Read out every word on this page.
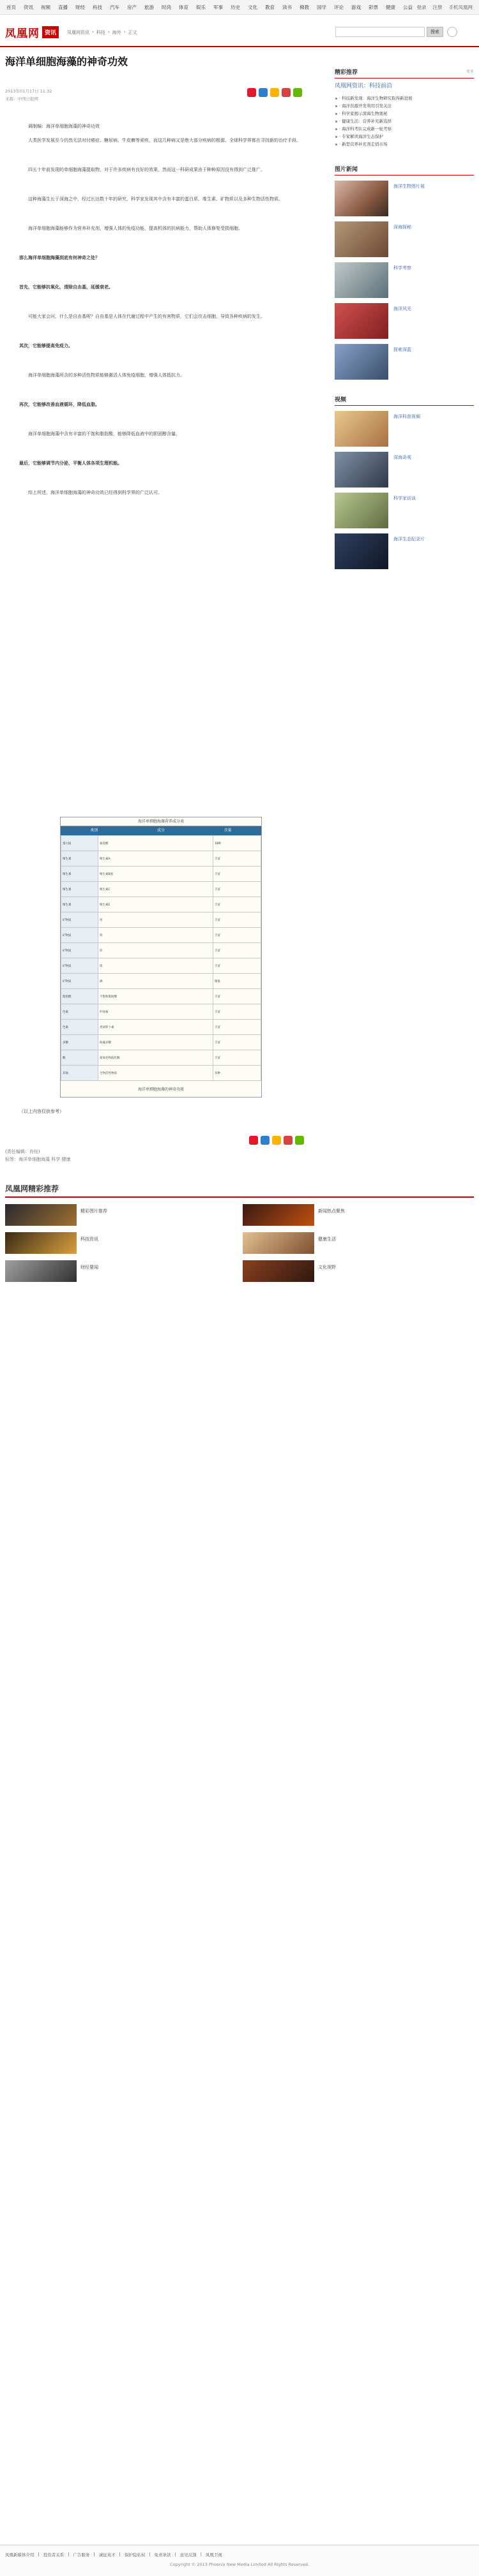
首页 资讯 视频 直播 财经 科技 汽车 房产 旅游 时尚 体育 娱乐 军事 历史 文化 教育 读书 佛教 国学 评论 游戏 彩票 健康 公益 登录 注册 手机凤凰网
凤凰网 资讯	凤凰网资讯 › 科技 › 海外 › 正文	搜索
海洋单细胞海藻的神奇功效
2013年01月17日 11:32
来源：中国日报网

调制编：海洋单细胞海藻的神奇功效

人类医学发展至今仍然无法对付癌症、糖尿病、牛皮癣等顽疾，而这几种病又是绝大部分疾病的根源。全球科学界都在寻找新的治疗手段。

四五十年前发现的单细胞海藻提取物，对于许多疾病有良好的效果，然而这一科研成果由于种种原因没有得到广泛推广。

这种海藻生长于深海之中，经过长达数十年的研究，科学家发现其中含有丰富的蛋白质、维生素、矿物质以及多种生物活性物质。

海洋单细胞海藻能够作为营养补充剂，增强人体的免疫功能，提高机体的抗病能力，帮助人体修复受损细胞。

那么海洋单细胞海藻到底有何神奇之处？

首先，它能够抗氧化，清除自由基，延缓衰老。

可能大家会问，什么是自由基呢？自由基是人体在代谢过程中产生的有害物质，它们会攻击细胞，导致各种疾病的发生。

其次，它能够提高免疫力。

海洋单细胞海藻所含的多种活性物质能够激活人体免疫细胞，增强人体抵抗力。

再次，它能够改善血液循环，降低血脂。

海洋单细胞海藻中含有丰富的不饱和脂肪酸，能够降低血液中的胆固醇含量。

最后，它能够调节内分泌，平衡人体各项生理机能。

综上所述，海洋单细胞海藻的神奇功效已经得到科学界的广泛认可。

海洋单细胞海藻营养成分表
类别	成分	含量
蛋白质	氨基酸	18种
维生素	维生素A	丰富
维生素	维生素B族	丰富
维生素	维生素C	丰富
维生素	维生素E	丰富
矿物质	钙	丰富
矿物质	铁	丰富
矿物质	锌	丰富
矿物质	镁	丰富
矿物质	硒	微量
脂肪酸	不饱和脂肪酸	丰富
色素	叶绿素	丰富
色素	类胡萝卜素	丰富
多糖	海藻多糖	丰富
酶	超氧化物歧化酶	丰富
其他	生物活性物质	多种
海洋单细胞海藻的神奇功效
（以上内容仅供参考）
(责任编辑：肖钰)
标签：海洋单细胞海藻 科学 健康
精彩推荐	更多
凤凰网资讯：科技前沿
· 科技新发现：海洋生物研究取得新进展
· 海洋资源开发利用引发关注
· 科学家揭示深海生物奥秘
· 健康生活：营养补充新选择
· 海洋科考队完成新一轮考察
· 专家解读海洋生态保护
· 新型营养补充剂走俏市场
图片新闻
海洋生物图片展
深海探秘
科学考察
海洋风光
探索深蓝
视频
海洋科普视频
深海奇观
科学家访谈
海洋生态纪录片
凤凰网精彩推荐
精彩图片推荐	新闻热点聚焦
科技资讯	健康生活
财经要闻	文化视野
凤凰新媒体介绍 | 投资者关系 | 广告服务 | 诚征英才 | 保护隐私权 | 免责条款 | 意见反馈 | 凤凰卫视
Copyright © 2013 Phoenix New Media Limited All Rights Reserved.
